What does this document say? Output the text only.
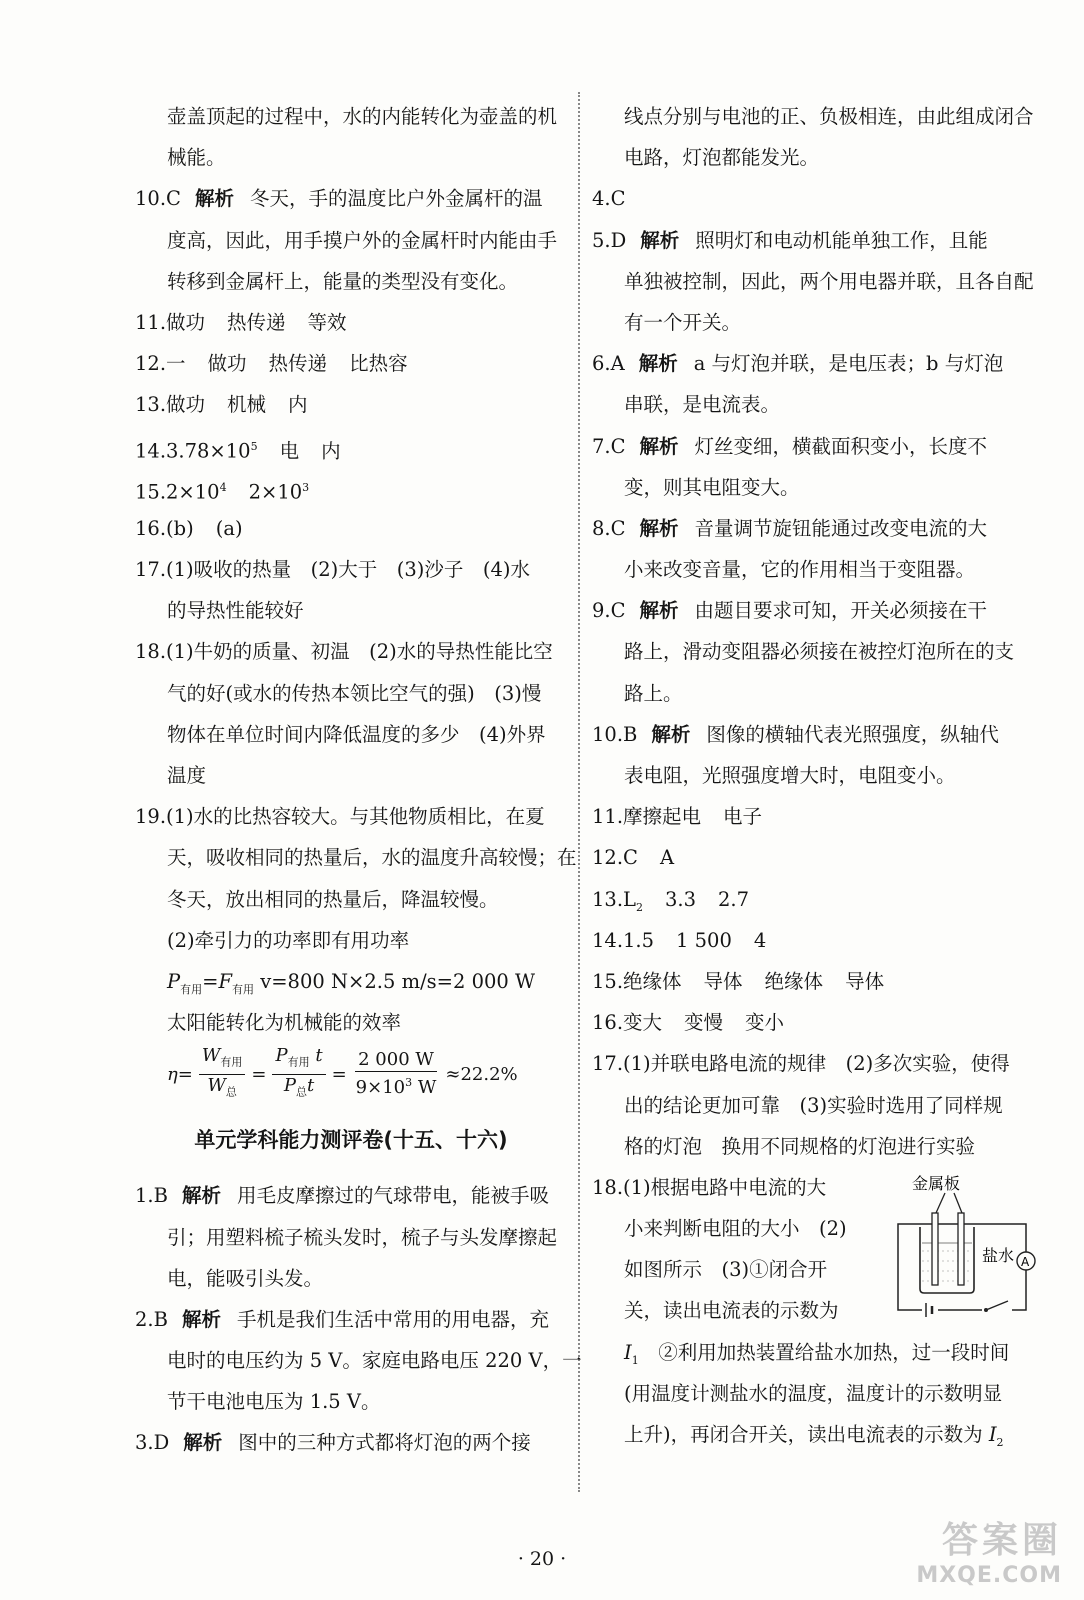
壶盖顶起的过程中，水的内能转化为壶盖的机
械能。
10.C 解析 冬天，手的温度比户外金属杆的温
度高，因此，用手摸户外的金属杆时内能由手
转移到金属杆上，能量的类型没有变化。
11.做功 热传递 等效
12.一 做功 热传递 比热容
13.做功 机械 内
$14.3.78\times 10^5$ 电 内
$15.2\times 10^4$ $2\times 10^3$
16.(b) (a)
17.(1)吸收的热量　(2)大于　(3)沙子　(4)水
的导热性能较好
18.(1)牛奶的质量、初温　(2)水的导热性能比空
气的好(或水的传热本领比空气的强)　(3)慢
物体在单位时间内降低温度的多少　(4)外界
温度
19.(1)水的比热容较大。与其他物质相比，在夏
天，吸收相同的热量后，水的温度升高较慢；在
冬天，放出相同的热量后，降温较慢。
(2)牵引力的功率即有用功率
$P_{有用}=F_{有用}$ v=800 N×2.5 m/s=2 000 W
太阳能转化为机械能的效率
$\eta= \frac{W_{有用}}{W_总} = \frac{P_{有用} t}{P_总t} = \frac{2 000 W}{9\times 10^3 W} \approx 22.2\%$
单元学科能力测评卷(十五、十六)
1.B 解析 用毛皮摩擦过的气球带电，能被手吸
引；用塑料梳子梳头发时，梳子与头发摩擦起
电，能吸引头发。
2.B 解析 手机是我们生活中常用的用电器，充
电时的电压约为 5 V。家庭电路电压 220 V，一
节干电池电压为 1.5 V。
3.D 解析 图中的三种方式都将灯泡的两个接
线点分别与电池的正、负极相连，由此组成闭合
电路，灯泡都能发光。
4.C
5.D 解析 照明灯和电动机能单独工作，且能
单独被控制，因此，两个用电器并联，且各自配
有一个开关。
6.A 解析 a 与灯泡并联，是电压表；b 与灯泡
串联，是电流表。
7.C 解析 灯丝变细，横截面积变小，长度不
变，则其电阻变大。
8.C 解析 音量调节旋钮能通过改变电流的大
小来改变音量，它的作用相当于变阻器。
9.C 解析 由题目要求可知，开关必须接在干
路上，滑动变阻器必须接在被控灯泡所在的支
路上。
10.B 解析 图像的横轴代表光照强度，纵轴代
表电阻，光照强度增大时，电阻变小。
11.摩擦起电 电子
12.C A
$13.L_2$ 3.3 2.7
14.1.5 1 500 4
15.绝缘体 导体 绝缘体 导体
16.变大 变慢 变小
17.(1)并联电路电流的规律　(2)多次实验，使得
出的结论更加可靠　(3)实验时选用了同样规
格的灯泡　换用不同规格的灯泡进行实验
18.(1)根据电路中电流的大
小来判断电阻的大小　(2)
如图所示　(3)①闭合开
关，读出电流表的示数为
$I_1$　②利用加热装置给盐水加热，过一段时间
(用温度计测盐水的温度，温度计的示数明显
上升)，再闭合开关，读出电流表的示数为 $I_2$
金属板
盐水 A
· 20 ·	答案圈
MXQE.COM
